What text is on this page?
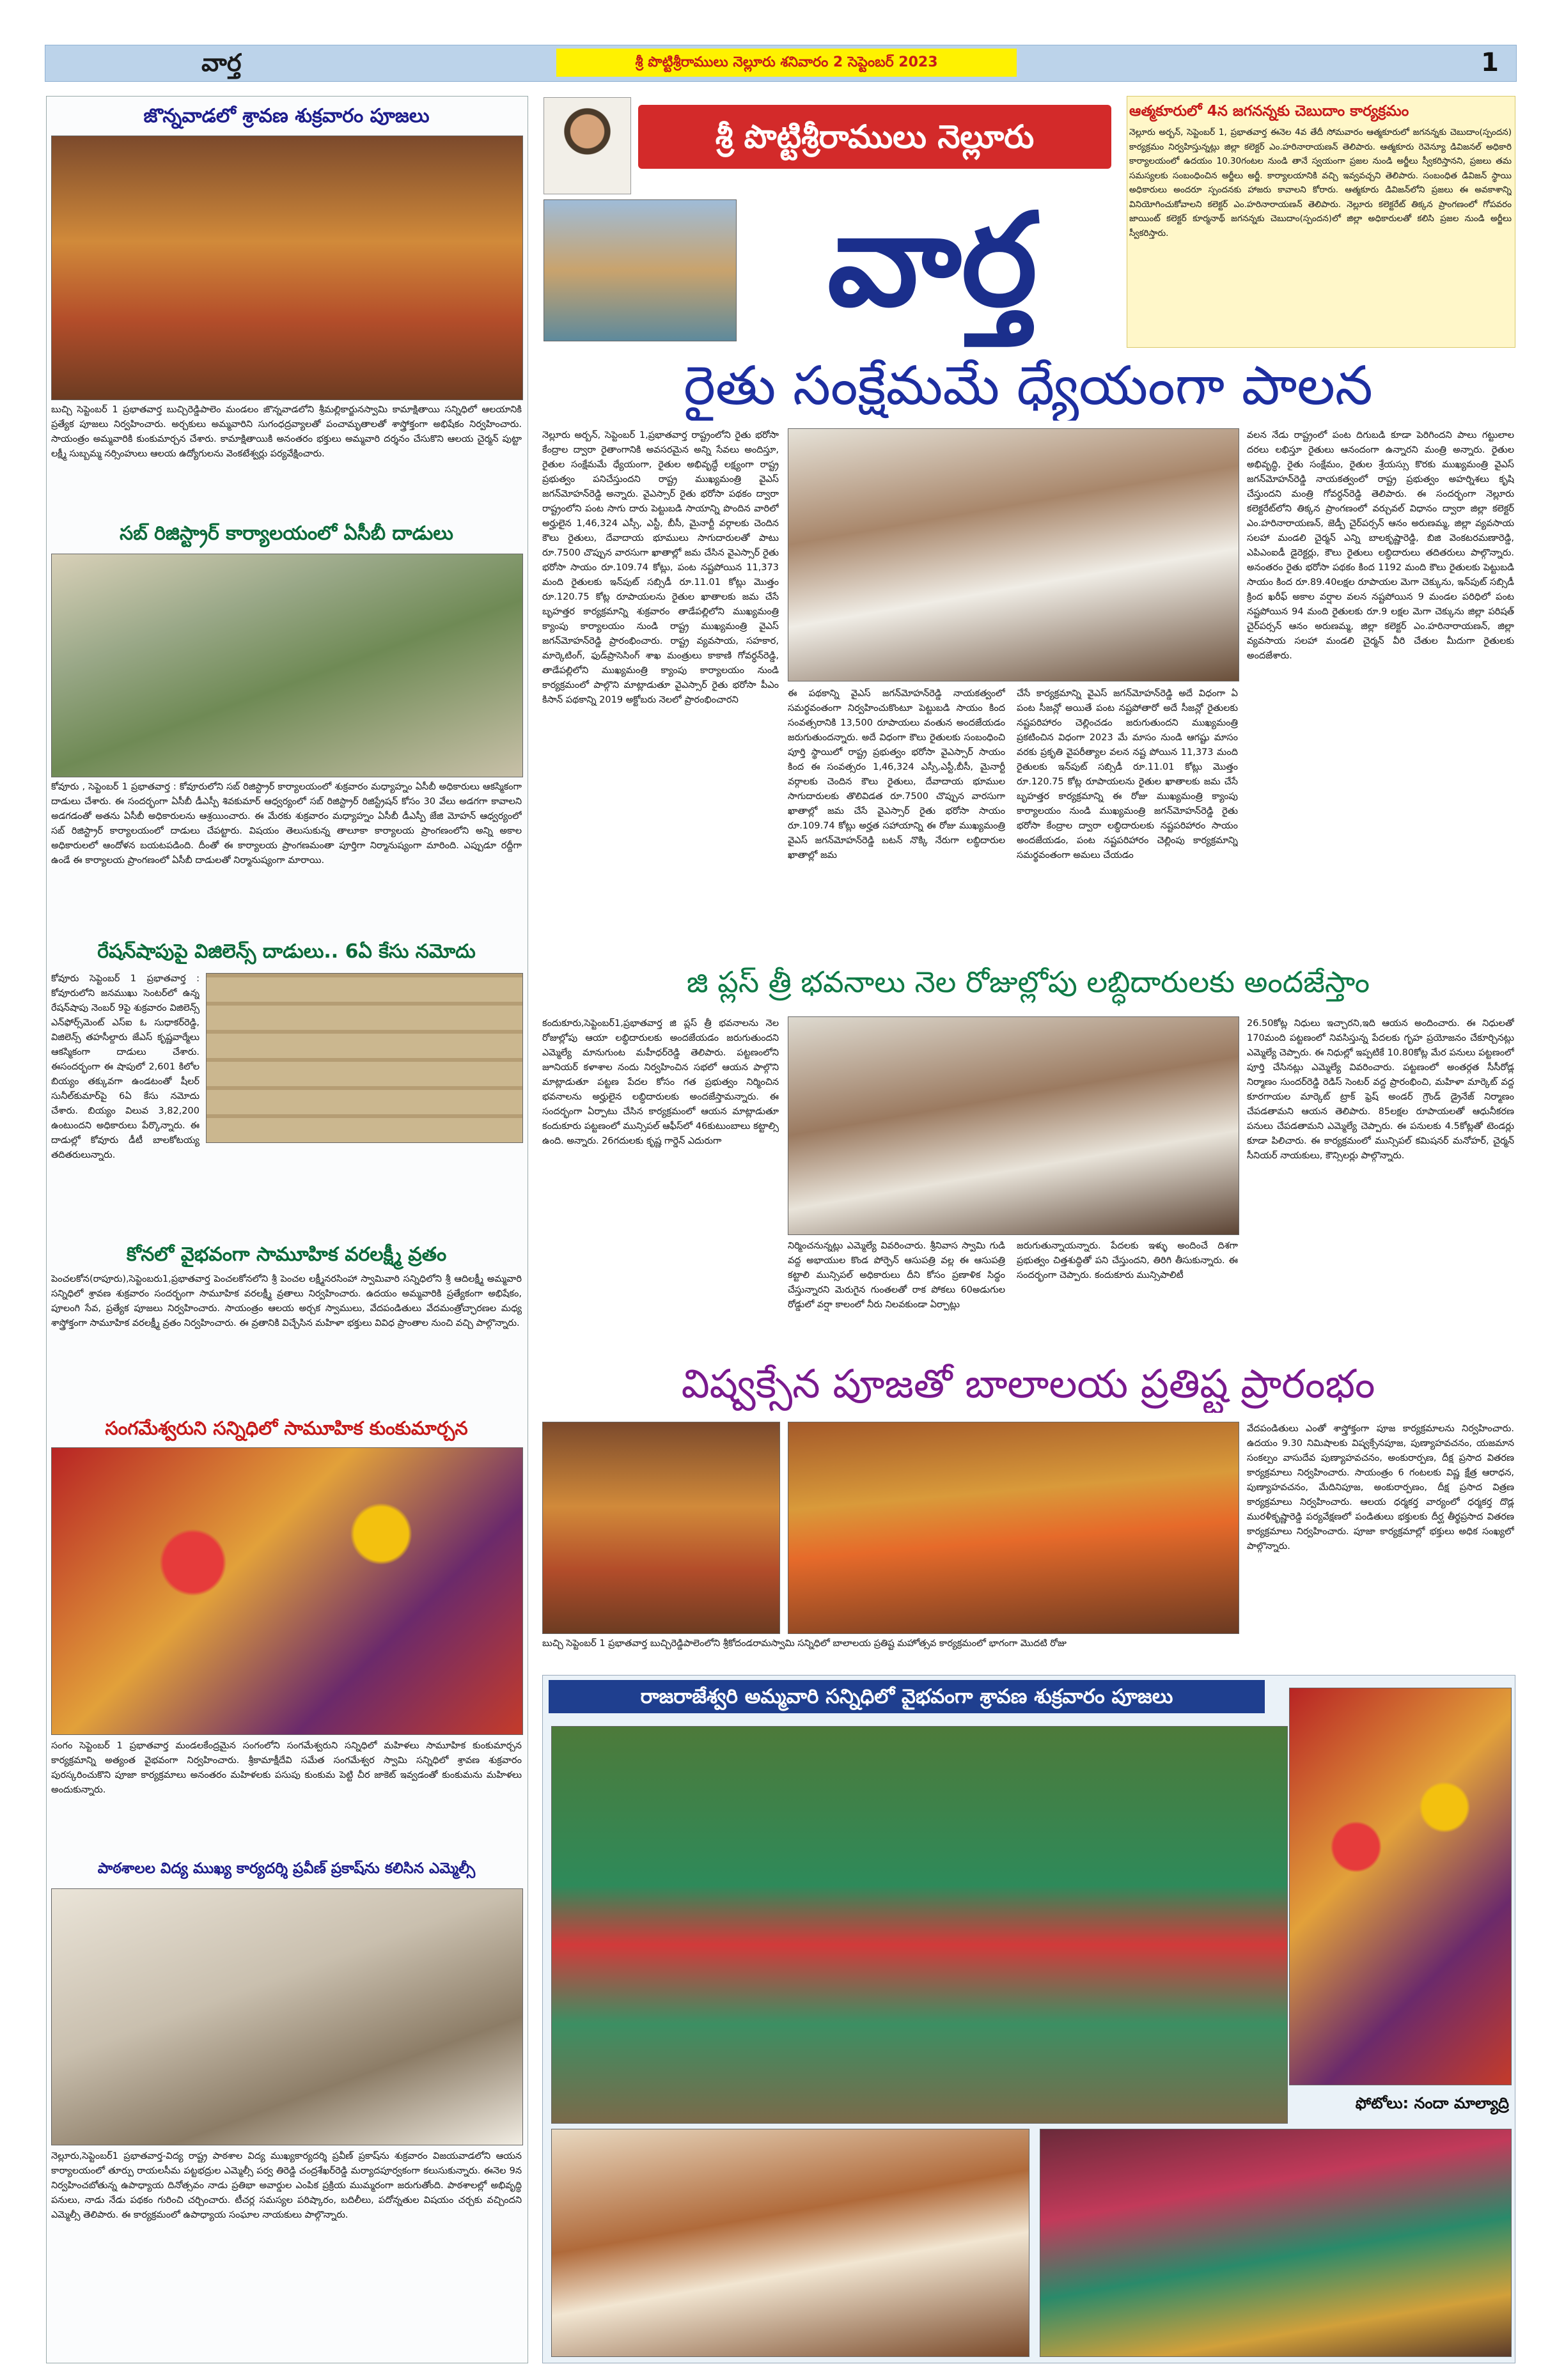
వార్త	శ్రీ పొట్టిశ్రీరాములు నెల్లూరు శనివారం 2 సెప్టెంబర్ 2023	1
జొన్నవాడలో శ్రావణ శుక్రవారం పూజలు
బుచ్చి సెప్టెంబర్ 1 ప్రభాతవార్త బుచ్చిరెడ్డిపాలెం మండలం జొన్నవాడలోని శ్రీమల్లికార్జునస్వామి కామాక్షితాయి సన్నిధిలో ఆలయానికి ప్రత్యేక పూజలు నిర్వహించారు. అర్చకులు అమ్మవారిని సుగంధద్రవ్యాలతో పంచామృతాలతో శాస్త్రోక్తంగా అభిషేకం నిర్వహించారు. సాయంత్రం అమ్మవారికి కుంకుమార్చన చేశారు. కామాక్షితాయికి అనంతరం భక్తులు అమ్మవారి దర్శనం చేసుకొని ఆలయ చైర్మన్ పుట్టా లక్ష్మీ సుబ్బమ్మ నర్సింహులు ఆలయ ఉద్యోగులను వెంకటేశ్వర్లు పర్యవేక్షించారు.
సబ్ రిజిస్ట్రార్ కార్యాలయంలో ఏసీబీ దాడులు
కోవూరు , సెప్టెంబర్ 1 ప్రభాతవార్త : కోవూరులోని సబ్ రిజిస్ట్రార్ కార్యాలయంలో శుక్రవారం మధ్యాహ్నం ఏసీబీ అధికారులు ఆకస్మికంగా దాడులు చేశారు. ఈ సందర్భంగా ఏసీబీ డీఎస్పీ శివకుమార్ ఆధ్వర్యంలో సబ్ రిజిస్ట్రార్ రిజిస్ట్రేషన్ కోసం 30 వేలు అడగగా కావాలని అడగడంతో అతను ఏసీబీ అధికారులను ఆశ్రయించారు. ఈ మేరకు శుక్రవారం మధ్యాహ్నం ఏసీబీ డీఎస్పీ జేజి మోహన్ ఆధ్వర్యంలో సబ్ రిజిస్ట్రార్ కార్యాలయంలో దాడులు చేపట్టారు. విషయం తెలుసుకున్న తాలూకా కార్యాలయ ప్రాంగణంలోని అన్ని అకాల అధికారులలో ఆందోళన బయటపడింది. దీంతో ఈ కార్యాలయ ప్రాంగణమంతా పూర్తిగా నిర్మానుష్యంగా మారింది. ఎప్పుడూ రద్దీగా ఉండే ఈ కార్యాలయ ప్రాంగణంలో ఏసీబీ దాడులతో నిర్మానుష్యంగా మారాయి.
రేషన్‌షాపుపై విజిలెన్స్ దాడులు.. 6ఏ కేసు నమోదు
కోవూరు సెప్టెంబర్ 1 ప్రభాతవార్త : కోవూరులోని జనముఖు సెంటర్‌లో ఉన్న రేషన్‌షాపు నెంబర్ 9పై శుక్రవారం విజిలెన్స్ ఎన్‌ఫోర్స్‌మెంట్ ఎస్ఐ ఓ సుధాకర్‌రెడ్డి, విజిలెన్స్ తహసీల్దారు జేఎస్ కృష్ణవార్మేలు ఆకస్మికంగా దాడులు చేశారు. ఈసందర్భంగా ఈ షాపులో 2,601 కిలోల బియ్యం తక్కువగా ఉండటంతో షీలర్ సునీల్‌కుమార్‌పై 6ఏ కేసు నమోదు చేశారు. బియ్యం విలువ 3,82,200 ఉంటుందని అధికారులు పేర్కొన్నారు. ఈ దాడుల్లో కోవూరు డీటీ బాలకోటయ్య తదితరులున్నారు.
కోనలో వైభవంగా సామూహిక వరలక్ష్మీ వ్రతం
పెంచలకోన(రాపూరు),సెప్టెంబరు1,ప్రభాతవార్త పెంచలకోనలోని శ్రీ పెంచల లక్ష్మీనరసింహా స్వామివారి సన్నిధిలోని శ్రీ ఆదిలక్ష్మీ అమ్మవారి సన్నిధిలో శ్రావణ శుక్రవారం సందర్భంగా సామూహిక వరలక్ష్మీ వ్రతాలు నిర్వహించారు. ఉదయం అమ్మవారికి ప్రత్యేకంగా అభిషేకం, పూలంగి సేవ, ప్రత్యేక పూజలు నిర్వహించారు. సాయంత్రం ఆలయ అర్చక స్వాములు, వేదపండితులు వేదమంత్రోచ్ఛారణల మధ్య శాస్త్రోక్తంగా సామూహిక వరలక్ష్మీ వ్రతం నిర్వహించారు. ఈ వ్రతానికి విచ్చేసిన మహిళా భక్తులు వివిధ ప్రాంతాల నుంచి వచ్చి పాల్గొన్నారు.
సంగమేశ్వరుని సన్నిధిలో సామూహిక కుంకుమార్చన
సంగం సెప్టెంబర్ 1 ప్రభాతవార్త మండలకేంద్రమైన సంగంలోని సంగమేశ్వరుని సన్నిధిలో మహిళలు సామూహిక కుంకుమార్చన కార్యక్రమాన్ని అత్యంత వైభవంగా నిర్వహించారు. శ్రీకామాక్షీదేవి సమేత సంగమేశ్వర స్వామి సన్నిధిలో శ్రావణ శుక్రవారం పురస్కరించుకొని పూజా కార్యక్రమాలు అనంతరం మహిళలకు పసుపు కుంకుమ పెట్టి చీర జాకెట్ ఇవ్వడంతో కుంకుమను మహిళలు అందుకున్నారు.
పాఠశాలల విద్య ముఖ్య కార్యదర్శి ప్రవీణ్ ప్రకాష్‌ను కలిసిన ఎమ్మెల్సీ
నెల్లూరు,సెప్టెంబర్1 ప్రభాతవార్త-విద్య రాష్ట్ర పాఠశాల విద్య ముఖ్యకార్యదర్శి ప్రవీణ్ ప్రకాష్‌ను శుక్రవారం విజయవాడలోని ఆయన కార్యాలయంలో తూర్పు రాయలసీమ పట్టభద్రుల ఎమ్మెల్సీ పర్వ తిరెడ్డి చంద్రశేఖర్‌రెడ్డి మర్యాదపూర్వకంగా కలుసుకున్నారు. ఈనెల 9న నిర్వహించబోతున్న ఉపాధ్యాయ దినోత్సవం నాడు ప్రతిభా అవార్డుల ఎంపిక ప్రక్రియ ముమ్మరంగా జరుగుతోంది. పాఠశాలల్లో అభివృద్ధి పనులు, నాడు నేడు పథకం గురించి చర్చించారు. టీచర్ల సమస్యల పరిష్కారం, బదిలీలు, పదోన్నతుల విషయం చర్చకు వచ్చిందని ఎమ్మెల్సీ తెలిపారు. ఈ కార్యక్రమంలో ఉపాధ్యాయ సంఘాల నాయకులు పాల్గొన్నారు.
శ్రీ పొట్టిశ్రీరాములు నెల్లూరు
వార్త
ఆత్మకూరులో 4న జగనన్నకు చెబుదాం కార్యక్రమం
నెల్లూరు అర్బన్, సెప్టెంబర్ 1, ప్రభాతవార్త ఈనెల 4వ తేదీ సోమవారం ఆత్మకూరులో జగనన్నకు చెబుదాం(స్పందన) కార్యక్రమం నిర్వహిస్తున్నట్లు జిల్లా కలెక్టర్ ఎం.హరినారాయణన్ తెలిపారు. ఆత్మకూరు రెవెన్యూ డివిజనల్ అధికారి కార్యాలయంలో ఉదయం 10.30గంటల నుండి తానే స్వయంగా ప్రజల నుండి అర్జీలు స్వీకరిస్తానని, ప్రజలు తమ సమస్యలకు సంబంధించిన అర్జీలు అర్జీ. కార్యాలయానికి వచ్చి ఇవ్వవచ్చని తెలిపారు. సంబంధిత డివిజన్ స్థాయి అధికారులు అందరూ స్పందనకు హాజరు కావాలని కోరారు. ఆత్మకూరు డివిజన్‌లోని ప్రజలు ఈ అవకాశాన్ని వినియోగించుకోవాలని కలెక్టర్ ఎం.హరినారాయణన్ తెలిపారు. నెల్లూరు కలెక్టరేట్ తిక్కన ప్రాంగణంలో గోపవరం జాయింట్ కలెక్టర్ కూర్మనాథ్ జగనన్నకు చెబుదాం(స్పందన)లో జిల్లా అధికారులతో కలిసి ప్రజల నుండి అర్జీలు స్వీకరిస్తారు.
రైతు సంక్షేమమే ధ్యేయంగా పాలన
నెల్లూరు అర్బన్, సెప్టెంబర్ 1,ప్రభాతవార్త రాష్ట్రంలోని రైతు భరోసా కేంద్రాల ద్వారా రైతాంగానికి అవసరమైన అన్ని సేవలు అందిస్తూ, రైతుల సంక్షేమమే ధ్యేయంగా, రైతుల అభివృద్ధే లక్ష్యంగా రాష్ట్ర ప్రభుత్వం పనిచేస్తుందని రాష్ట్ర ముఖ్యమంత్రి వైఎస్ జగన్‌మోహన్‌రెడ్డి అన్నారు. వైఎస్సార్ రైతు భరోసా పథకం ద్వారా రాష్ట్రంలోని పంట సాగు దారు పెట్టుబడి సాయాన్ని పొందిన వారిలో అర్హులైన 1,46,324 ఎస్సీ, ఎస్టీ, బీసీ, మైనార్టీ వర్గాలకు చెందిన కౌలు రైతులు, దేవాదాయ భూములు సాగుదారులతో పాటు రూ.7500 చొప్పున వారసుగా ఖాతాల్లో జమ చేసిన వైఎస్సార్ రైతు భరోసా సాయం రూ.109.74 కోట్లు, పంట నష్టపోయిన 11,373 మంది రైతులకు ఇన్‌పుట్ సబ్సిడీ రూ.11.01 కోట్లు మొత్తం రూ.120.75 కోట్ల రూపాయలను రైతుల ఖాతాలకు జమ చేసే బృహత్తర కార్యక్రమాన్ని శుక్రవారం తాడేపల్లిలోని ముఖ్యమంత్రి క్యాంపు కార్యాలయం నుండి రాష్ట్ర ముఖ్యమంత్రి వైఎస్ జగన్‌మోహన్‌రెడ్డి ప్రారంభించారు. రాష్ట్ర వ్యవసాయ, సహకార, మార్కెటింగ్, ఫుడ్‌ప్రాసెసింగ్ శాఖ మంత్రులు కాకాణి గోవర్ధన్‌రెడ్డి, తాడేపల్లిలోని ముఖ్యమంత్రి క్యాంపు కార్యాలయం నుండి కార్యక్రమంలో పాల్గొని మాట్లాడుతూ వైఎస్సార్ రైతు భరోసా పీఎం కిసాన్ పథకాన్ని 2019 అక్టోబరు నెలలో ప్రారంభించారని
ఈ పథకాన్ని వైఎస్ జగన్‌మోహన్‌రెడ్డి నాయకత్వంలో సమర్థవంతంగా నిర్వహించుకొంటూ పెట్టుబడి సాయం కింద సంవత్సరానికి 13,500 రూపాయలు వంతున అందజేయడం జరుగుతుందన్నారు. అదే విధంగా కౌలు రైతులకు సంబంధించి పూర్తి స్థాయిలో రాష్ట్ర ప్రభుత్వం భరోసా వైఎస్సార్ సాయం కింద ఈ సంవత్సరం 1,46,324 ఎస్సీ,ఎస్టీ,బీసీ, మైనార్టీ వర్గాలకు చెందిన కౌలు రైతులు, దేవాదాయ భూముల సాగుదారులకు తొలివిడత రూ.7500 చొప్పున వారసుగా ఖాతాల్లో జమ చేసే వైఎస్సార్ రైతు భరోసా సాయం రూ.109.74 కోట్లు అర్హత సహాయాన్ని ఈ రోజు ముఖ్యమంత్రి వైఎస్ జగన్‌మోహన్‌రెడ్డి బటన్ నొక్కి నేరుగా లబ్ధిదారుల ఖాతాల్లో జమ
చేసే కార్యక్రమాన్ని వైఎస్ జగన్‌మోహన్‌రెడ్డి అదే విధంగా ఏ పంట సీజన్లో అయితే పంట నష్టపోతారో అదే సీజన్లో రైతులకు నష్టపరిహారం చెల్లించడం జరుగుతుందని ముఖ్యమంత్రి ప్రకటించిన విధంగా 2023 మే మాసం నుండి ఆగష్టు మాసం వరకు ప్రకృతి వైపరీత్యాల వలన నష్ట పోయిన 11,373 మంది రైతులకు ఇన్‌పుట్ సబ్సిడీ రూ.11.01 కోట్లు మొత్తం రూ.120.75 కోట్ల రూపాయలను రైతుల ఖాతాలకు జమ చేసే బృహత్తర కార్యక్రమాన్ని ఈ రోజు ముఖ్యమంత్రి క్యాంపు కార్యాలయం నుండి ముఖ్యమంత్రి జగన్‌మోహన్‌రెడ్డి రైతు భరోసా కేంద్రాల ద్వారా లబ్ధిదారులకు నష్టపరిహారం సాయం అందజేయడం, పంట నష్టపరిహారం చెల్లింపు కార్యక్రమాన్ని సమర్థవంతంగా అమలు చేయడం
వలన నేడు రాష్ట్రంలో పంట దిగుబడి కూడా పెరిగిందని పాలు గట్టులాల దరలు లభిస్తూ రైతులు ఆనందంగా ఉన్నారని మంత్రి అన్నారు. రైతుల అభివృద్ధి, రైతు సంక్షేమం, రైతుల శ్రేయస్సు కొరకు ముఖ్యమంత్రి వైఎస్ జగన్‌మోహన్‌రెడ్డి నాయకత్వంలో రాష్ట్ర ప్రభుత్వం అహర్నిశలు కృషి చేస్తుందని మంత్రి గోవర్ధన్‌రెడ్డి తెలిపారు. ఈ సందర్భంగా నెల్లూరు కలెక్టరేట్‌లోని తిక్కన ప్రాంగణంలో వర్చువల్ విధానం ద్వారా జిల్లా కలెక్టర్ ఎం.హరినారాయణన్, జెడ్పీ చైర్‌పర్సన్ ఆనం అరుణమ్మ, జిల్లా వ్యవసాయ సలహా మండలి చైర్మన్ ఎన్ని బాలకృష్ణారెడ్డి, బిజి వెంకటరమణారెడ్డి, ఎపిఎంఐడీ డైరెక్టర్లు, కౌలు రైతులు లబ్ధిదారులు తదితరులు పాల్గొన్నారు. అనంతరం రైతు భరోసా పథకం కింద 1192 మంది కౌలు రైతులకు పెట్టుబడి సాయం కింద రూ.89.40లక్షల రూపాయల మెగా చెక్కును, ఇన్‌పుట్ సబ్సిడీ క్రింద ఖరీఫ్ అకాల వర్షాల వలన నష్టపోయిన 9 మండల పరిధిలో పంట నష్టపోయిన 94 మంది రైతులకు రూ.9 లక్షల మెగా చెక్కును జిల్లా పరిషత్ చైర్‌పర్సన్ ఆనం అరుణమ్మ, జిల్లా కలెక్టర్ ఎం.హరినారాయణన్, జిల్లా వ్యవసాయ సలహా మండలి చైర్మన్ వీరి చేతుల మీదుగా రైతులకు అందజేశారు.
జి ప్లస్ త్రీ భవనాలు నెల రోజుల్లోపు లబ్ధిదారులకు అందజేస్తాం
కందుకూరు,సెప్టెంబర్1,ప్రభాతవార్త జి ప్లస్ త్రీ భవనాలను నెల రోజుల్లోపు ఆయా లబ్ధిదారులకు అందజేయడం జరుగుతుందని ఎమ్మెల్యే మానుగుంట మహీధర్‌రెడ్డి తెలిపారు. పట్టణంలోని జూనియర్ కళాశాల నందు నిర్వహించిన సభలో ఆయన పాల్గొని మాట్లాడుతూ పట్టణ పేదల కోసం గత ప్రభుత్వం నిర్మించిన భవనాలను అర్హులైన లబ్ధిదారులకు అందజేస్తామన్నారు. ఈ సందర్భంగా ఏర్పాటు చేసిన కార్యక్రమంలో ఆయన మాట్లాడుతూ కందుకూరు పట్టణంలో మున్సిపల్ ఆఫీస్‌లో 46కుటుంబాలు కట్టాల్సి ఉంది. అన్నారు. 26గదులకు కృష్ణ గార్డెన్ ఎదురుగా
నిర్మించనున్నట్లు ఎమ్మెల్యే వివరించారు. శ్రీనివాస స్వామి గుడి వద్ద అభాయుల కొండ పోర్పెన్ ఆసుపత్రి వల్ల ఈ ఆసుపత్రి కట్టాలి మున్సిపల్ అధికారులు దీని కోసం ప్రణాళిక సిద్ధం చేస్తున్నారని మెరుగైన గుంతలతో రాక పోకలు 60అడుగుల రోడ్డులో వర్షా కాలంలో నీరు నిలవకుండా ఏర్పాట్లు
జరుగుతున్నాయన్నారు. పేదలకు ఇళ్ళు అందించే దిశగా ప్రభుత్వం చిత్తశుద్ధితో పని చేస్తుందని, తిరిగి తీసుకున్నారు. ఈ సందర్భంగా చెప్పారు. కందుకూరు మున్సిపాలిటీ
26.50కోట్ల నిధులు ఇచ్చారని,ఇది ఆయన అందించారు. ఈ నిధులతో 170మంది పట్టణంలో నివసిస్తున్న పేదలకు గృహ ప్రయోజనం చేకూర్చినట్లు ఎమ్మెల్యే చెప్పారు. ఈ నిధుల్లో ఇప్పటికే 10.80కోట్ల మేర పనులు పట్టణంలో పూర్తి చేసినట్లు ఎమ్మెల్యే వివరించారు. పట్టణంలో అంతర్గత సీసీరోడ్ల నిర్మాణం సుందర్‌రెడ్డి రెడిస్ సెంటర్ వద్ద ప్రారంభించి, మహిళా మార్కెట్ వద్ద కూరగాయల మార్కెట్ ట్రాక్ ఫ్రెష్ అండర్ గ్రౌండ్ డ్రైనేజ్ నిర్మాణం చేపడతామని ఆయన తెలిపారు. 85లక్షల రూపాయలతో ఆధునీకరణ పనులు చేపడతామని ఎమ్మెల్యే చెప్పారు. ఈ పనులకు 4.5కోట్లతో టెండర్లు కూడా పిలిచారు. ఈ కార్యక్రమంలో మున్సిపల్ కమిషనర్ మనోహర్, చైర్మన్ సీనియర్ నాయకులు, కౌన్సిలర్లు పాల్గొన్నారు.
విష్వక్సేన పూజతో బాలాలయ ప్రతిష్ట ప్రారంభం
బుచ్చి సెప్టెంబర్ 1 ప్రభాతవార్త బుచ్చిరెడ్డిపాలెంలోని శ్రీకోదండరామస్వామి సన్నిధిలో బాలాలయ ప్రతిష్ట మహోత్సవ కార్యక్రమంలో భాగంగా మొదటి రోజు
వేదపండితులు ఎంతో శాస్త్రోక్తంగా పూజ కార్యక్రమాలను నిర్వహించారు. ఉదయం 9.30 నిమిషాలకు విష్వక్సేనపూజ, పుణ్యాహవచనం, యజమాన సంకల్పం వాసుదేవ పుణ్యాహవచనం, అంకురార్పణ, దీక్ష ప్రసాద వితరణ కార్యక్రమాలు నిర్వహించారు. సాయంత్రం 6 గంటలకు విష్ణ క్షేత్ర ఆరాధన, పుణ్యాహవచనం, మేదినిపూజ, అంకురార్పణం, దీక్ష ప్రసాద విత్రణ కార్యక్రమాలు నిర్వహించారు. ఆలయ ధర్మకర్త వార్యంలో ధర్మకర్త దొడ్ల మురళీకృష్ణారెడ్డి పర్యవేక్షణలో పండితులు భక్తులకు దీర్ఘ తీర్థప్రసాద వితరణ కార్యక్రమాలు నిర్వహించారు. పూజా కార్యక్రమాల్లో భక్తులు అధిక సంఖ్యలో పాల్గొన్నారు.
రాజరాజేశ్వరి అమ్మవారి సన్నిధిలో వైభవంగా శ్రావణ శుక్రవారం పూజలు
ఫోటోలు: నందా మాల్యాద్రి
